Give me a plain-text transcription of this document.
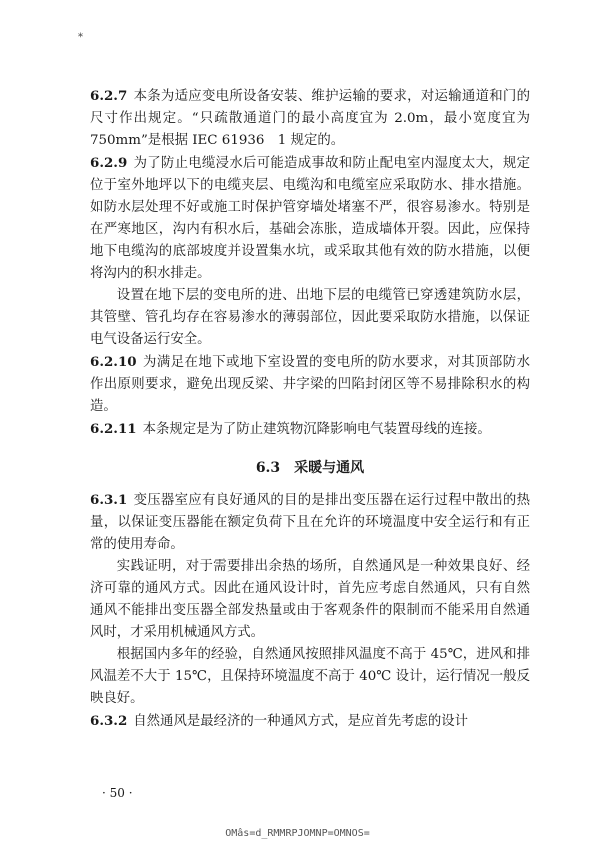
*

6.2.7 本条为适应变电所设备安装、维护运输的要求，对运输通道和门的尺寸作出规定。“只疏散通道门的最小高度宜为 2.0m，最小宽度宜为 750mm”是根据 IEC 61936　1 规定的。

6.2.9 为了防止电缆浸水后可能造成事故和防止配电室内湿度太大，规定位于室外地坪以下的电缆夹层、电缆沟和电缆室应采取防水、排水措施。如防水层处理不好或施工时保护管穿墙处堵塞不严，很容易渗水。特别是在严寒地区，沟内有积水后，基础会冻胀，造成墙体开裂。因此，应保持地下电缆沟的底部坡度并设置集水坑，或采取其他有效的防水措施，以便将沟内的积水排走。

设置在地下层的变电所的进、出地下层的电缆管已穿透建筑防水层，其管壁、管孔均存在容易渗水的薄弱部位，因此要采取防水措施，以保证电气设备运行安全。

6.2.10 为满足在地下或地下室设置的变电所的防水要求，对其顶部防水作出原则要求，避免出现反梁、井字梁的凹陷封闭区等不易排除积水的构造。

6.2.11 本条规定是为了防止建筑物沉降影响电气装置母线的连接。

6.3 采暖与通风

6.3.1 变压器室应有良好通风的目的是排出变压器在运行过程中散出的热量，以保证变压器能在额定负荷下且在允许的环境温度中安全运行和有正常的使用寿命。

实践证明，对于需要排出余热的场所，自然通风是一种效果良好、经济可靠的通风方式。因此在通风设计时，首先应考虑自然通风，只有自然通风不能排出变压器全部发热量或由于客观条件的限制而不能采用自然通风时，才采用机械通风方式。

根据国内多年的经验，自然通风按照排风温度不高于 45℃，进风和排风温差不大于 15℃，且保持环境温度不高于 40℃ 设计，运行情况一般反映良好。

6.3.2 自然通风是最经济的一种通风方式，是应首先考虑的设计

· 50 ·
OMâs=d_RMMRPJOMNP=OMNOS=
